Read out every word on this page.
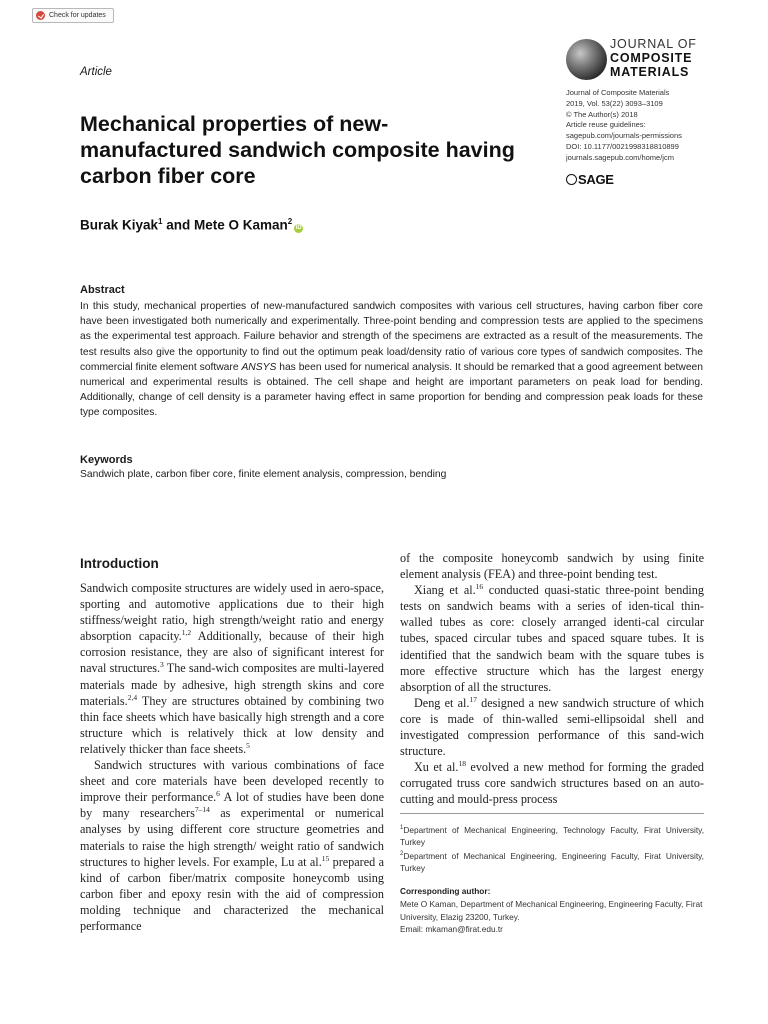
Check for updates
Article
JOURNAL OF
COMPOSITE
MATERIALS
Journal of Composite Materials
2019, Vol. 53(22) 3093–3109
© The Author(s) 2018
Article reuse guidelines:
sagepub.com/journals-permissions
DOI: 10.1177/0021998318810899
journals.sagepub.com/home/jcm
SAGE
Mechanical properties of new-manufactured sandwich composite having carbon fiber core
Burak Kiyak$^1$ and Mete O Kaman$^2$iD
Abstract
In this study, mechanical properties of new-manufactured sandwich composites with various cell structures, having carbon fiber core have been investigated both numerically and experimentally. Three-point bending and compression tests are applied to the specimens as the experimental test approach. Failure behavior and strength of the specimens are extracted as a result of the measurements. The test results also give the opportunity to find out the optimum peak load/density ratio of various core types of sandwich composites. The commercial finite element software ANSYS has been used for numerical analysis. It should be remarked that a good agreement between numerical and experimental results is obtained. The cell shape and height are important parameters on peak load for bending. Additionally, change of cell density is a parameter having effect in same proportion for bending and compression peak loads for these type composites.
Keywords
Sandwich plate, carbon fiber core, finite element analysis, compression, bending
Introduction

Sandwich composite structures are widely used in aero-space, sporting and automotive applications due to their high stiffness/weight ratio, high strength/weight ratio and energy absorption capacity.$^{1,2}$ Additionally, because of their high corrosion resistance, they are also of significant interest for naval structures.$^3$ The sand-wich composites are multi-layered materials made by adhesive, high strength skins and core materials.$^{2,4}$ They are structures obtained by combining two thin face sheets which have basically high strength and a core structure which is relatively thick at low density and relatively thicker than face sheets.$^5$

Sandwich structures with various combinations of face sheet and core materials have been developed recently to improve their performance.$^6$ A lot of studies have been done by many researchers$^{7-14}$ as experimental or numerical analyses by using different core structure geometries and materials to raise the high strength/ weight ratio of sandwich structures to higher levels. For example, Lu at al.$^{15}$ prepared a kind of carbon fiber/matrix composite honeycomb using carbon fiber and epoxy resin with the aid of compression molding technique and characterized the mechanical performance

of the composite honeycomb sandwich by using finite element analysis (FEA) and three-point bending test.

Xiang et al.$^{16}$ conducted quasi-static three-point bending tests on sandwich beams with a series of iden-tical thin-walled tubes as core: closely arranged identi-cal circular tubes, spaced circular tubes and spaced square tubes. It is identified that the sandwich beam with the square tubes is more effective structure which has the largest energy absorption of all the structures.

Deng et al.$^{17}$ designed a new sandwich structure of which core is made of thin-walled semi-ellipsoidal shell and investigated compression performance of this sand-wich structure.

Xu et al.$^{18}$ evolved a new method for forming the graded corrugated truss core sandwich structures based on an auto-cutting and mould-press process

$^1$Department of Mechanical Engineering, Technology Faculty, Firat University, Turkey

$^2$Department of Mechanical Engineering, Engineering Faculty, Firat University, Turkey

Corresponding author:
Mete O Kaman, Department of Mechanical Engineering, Engineering Faculty, Firat University, Elazig 23200, Turkey.
Email: mkaman@firat.edu.tr
